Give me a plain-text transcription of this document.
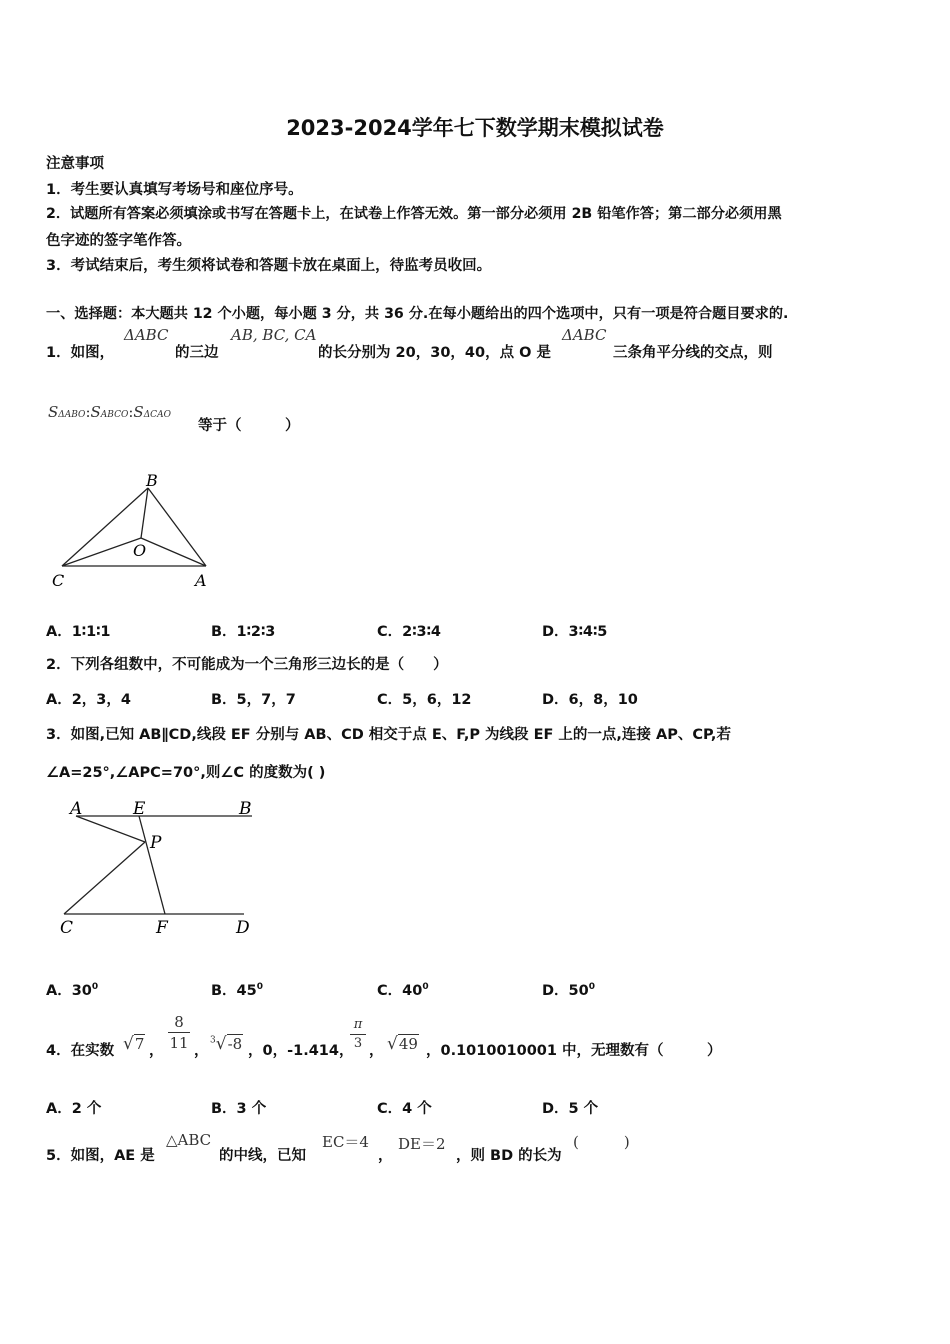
2023-2024学年七下数学期末模拟试卷
注意事项
1．考生要认真填写考场号和座位序号。
2．试题所有答案必须填涂或书写在答题卡上，在试卷上作答无效。第一部分必须用 2B 铅笔作答；第二部分必须用黑
色字迹的签字笔作答。
3．考试结束后，考生须将试卷和答题卡放在桌面上，待监考员收回。
一、选择题：本大题共 12 个小题，每小题 3 分，共 36 分.在每小题给出的四个选项中，只有一项是符合题目要求的.
1．如图，
ΔABC
的三边
AB, BC, CA
的长分别为 20，30，40，点 O 是
ΔABC
三条角平分线的交点，则
SΔABO:SABCO:SΔCAO
等于（　　　）
B
O
C	A
A．1∶1∶1	B．1∶2∶3	C．2∶3∶4	D．3∶4∶5
2．下列各组数中，不可能成为一个三角形三边长的是（　　）
A．2，3，4	B．5，7，7	C．5，6，12	D．6，8，10
3．如图,已知 AB∥CD,线段 EF 分别与 AB、CD 相交于点 E、F,P 为线段 EF 上的一点,连接 AP、CP,若
∠A=25°,∠APC=70°,则∠C 的度数为( )
A	E	B
P
C	F	D
A．$30^0$	B．$45^0$	C．$40^0$	D．$50^0$
4．在实数 √7 ，
8
11 ，
$^3$√-8 ，0，-1.414，
π
3 ， √49 ，0.1010010001 中，无理数有（　　　）
A．2 个	B．3 个	C．4 个	D．5 个
5．如图，AE 是
△ABC
的中线，已知
EC＝4
，
DE＝2
，则 BD 的长为
(　　　)
